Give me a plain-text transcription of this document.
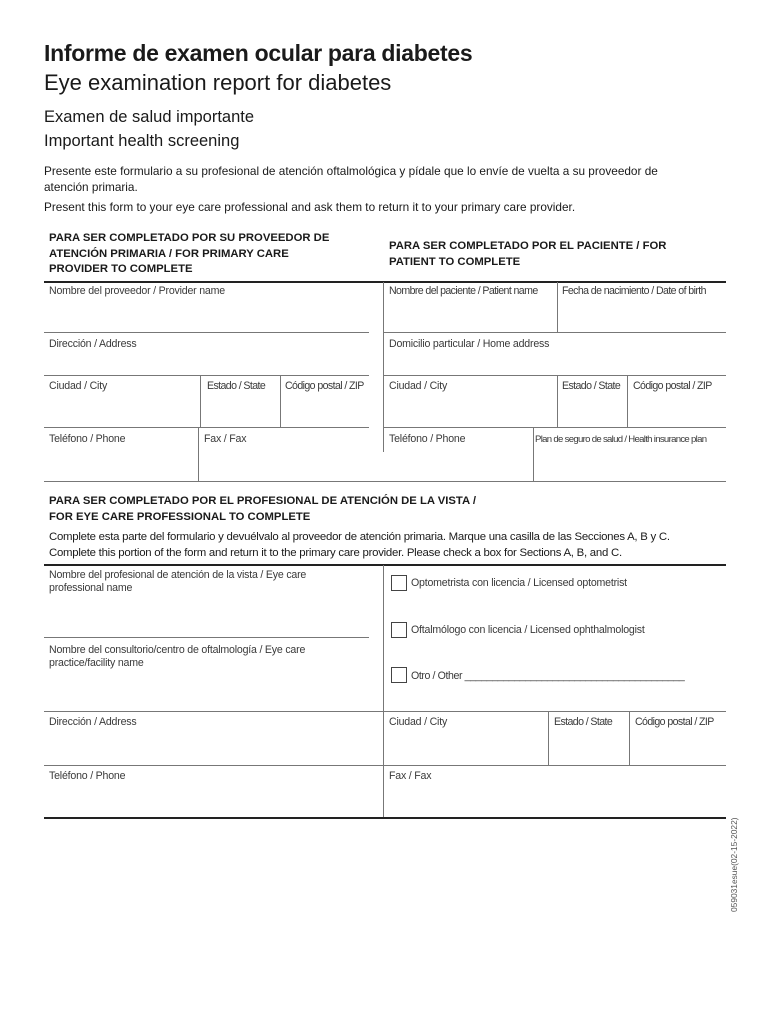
Informe de examen ocular para diabetes
Eye examination report for diabetes
Examen de salud importante
Important health screening
Presente este formulario a su profesional de atención oftalmológica y pídale que lo envíe de vuelta a su proveedor de atención primaria.
Present this form to your eye care professional and ask them to return it to your primary care provider.
PARA SER COMPLETADO POR SU PROVEEDOR DE ATENCIÓN PRIMARIA / FOR PRIMARY CARE PROVIDER TO COMPLETE
PARA SER COMPLETADO POR EL PACIENTE / FOR PATIENT TO COMPLETE
Nombre del proveedor / Provider name
Dirección / Address
Ciudad / City	Estado / State Código postal / ZIP
Teléfono / Phone	Fax / Fax
Nombre del paciente / Patient name Fecha de nacimiento / Date of birth
Domicilio particular / Home address
Ciudad / City	Estado / State Código postal / ZIP
Teléfono / Phone	Plan de seguro de salud / Health insurance plan
PARA SER COMPLETADO POR EL PROFESIONAL DE ATENCIÓN DE LA VISTA /
FOR EYE CARE PROFESSIONAL TO COMPLETE
Complete esta parte del formulario y devuélvalo al proveedor de atención primaria. Marque una casilla de las Secciones A, B y C.
Complete this portion of the form and return it to the primary care provider. Please check a box for Sections A, B, and C.
Nombre del profesional de atención de la vista / Eye care professional name
Nombre del consultorio/centro de oftalmología / Eye care practice/facility name
Optometrista con licencia / Licensed optometrist
Oftalmólogo con licencia / Licensed ophthalmologist
Otro / Other ________________________________________
Dirección / Address	Ciudad / City	Estado / State Código postal / ZIP
Teléfono / Phone	Fax / Fax
059031esue(02-15-2022)
